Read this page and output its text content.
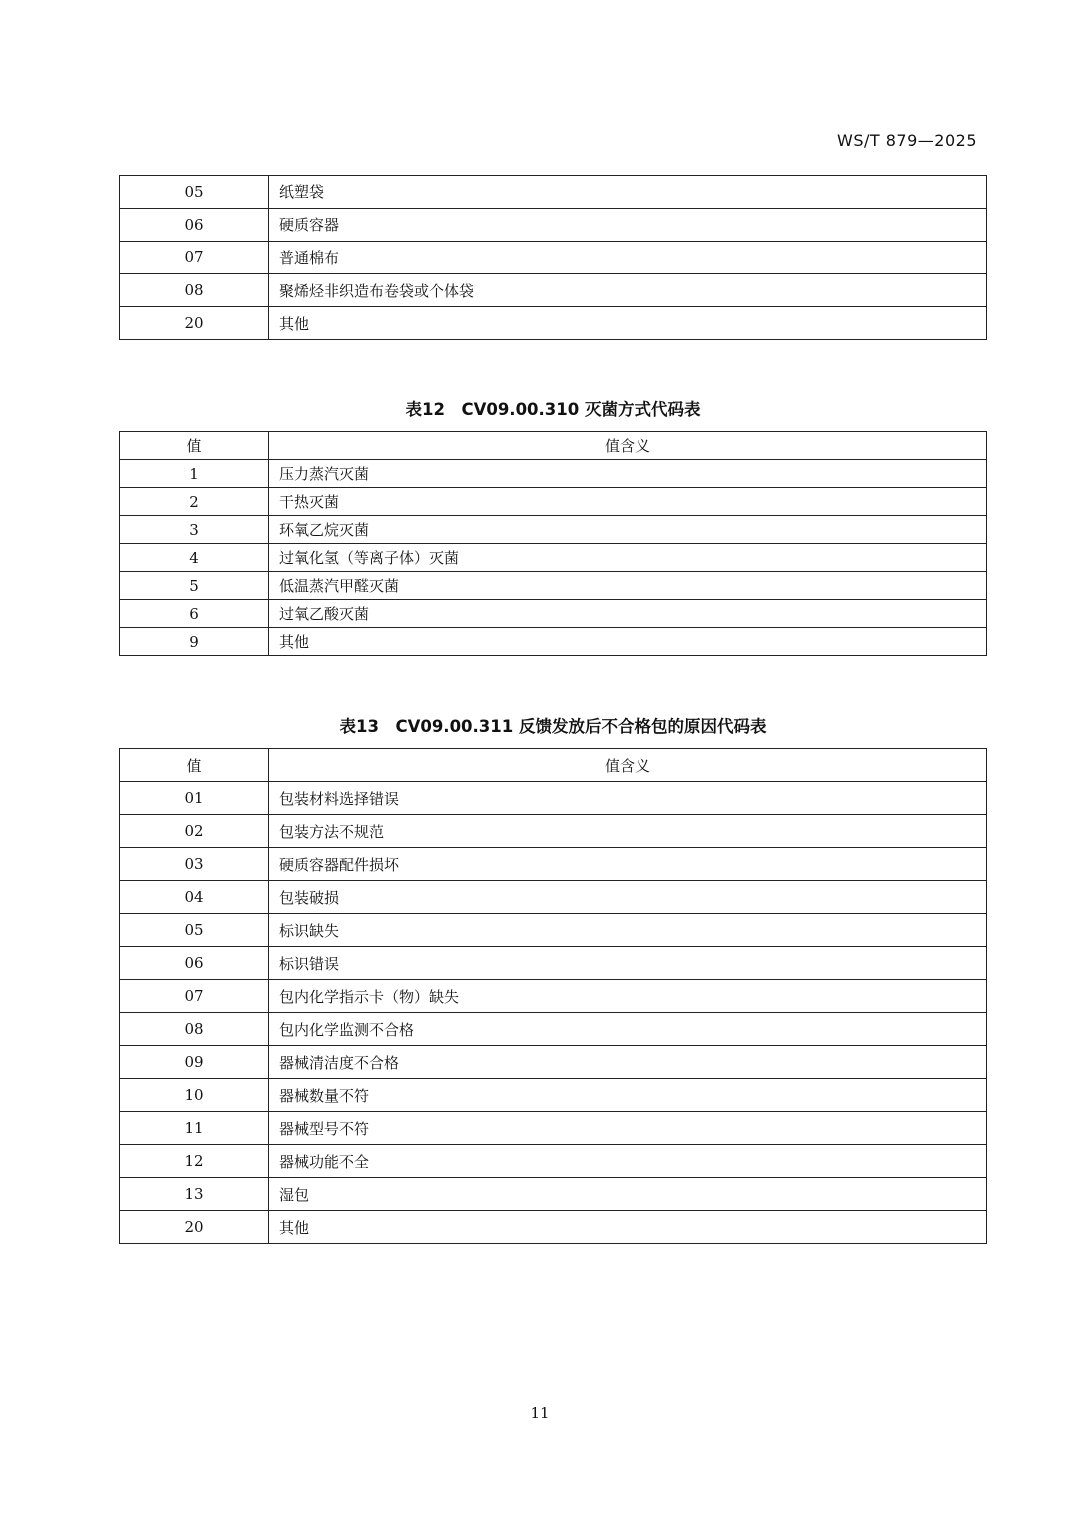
WS/T 879—2025
05	纸塑袋
06	硬质容器
07	普通棉布
08	聚烯烃非织造布卷袋或个体袋
20	其他
表12　CV09.00.310 灭菌方式代码表
值	值含义
1	压力蒸汽灭菌
2	干热灭菌
3	环氧乙烷灭菌
4	过氧化氢（等离子体）灭菌
5	低温蒸汽甲醛灭菌
6	过氧乙酸灭菌
9	其他
表13　CV09.00.311 反馈发放后不合格包的原因代码表
值	值含义
01	包装材料选择错误
02	包装方法不规范
03	硬质容器配件损坏
04	包装破损
05	标识缺失
06	标识错误
07	包内化学指示卡（物）缺失
08	包内化学监测不合格
09	器械清洁度不合格
10	器械数量不符
11	器械型号不符
12	器械功能不全
13	湿包
20	其他
11
